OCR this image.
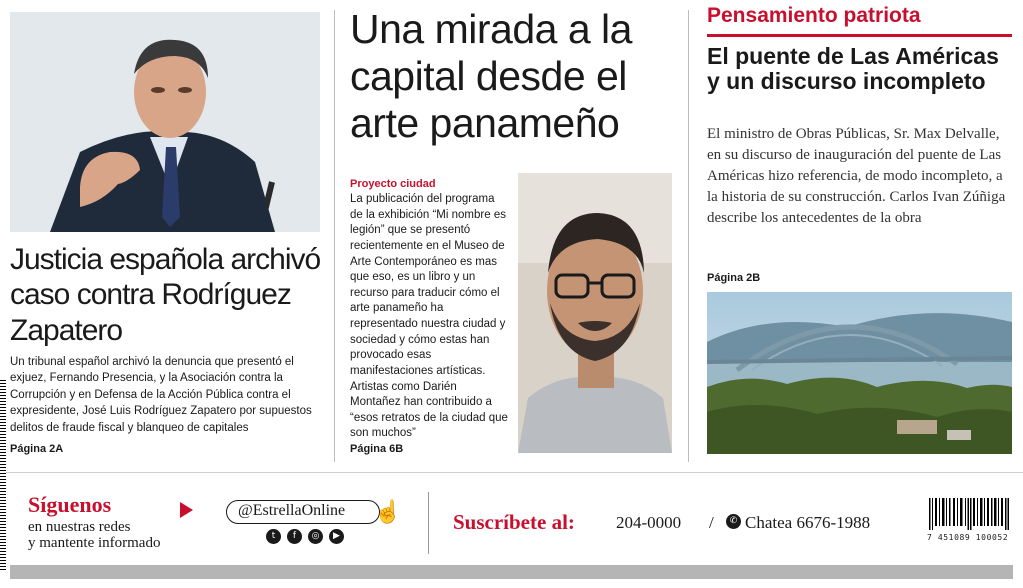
Justicia española archivó caso contra Rodríguez Zapatero
Un tribunal español archivó la denuncia que presentó el exjuez, Fernando Presencia, y la Asociación contra la Corrupción y en Defensa de la Acción Pública contra el expresidente, José Luis Rodríguez Zapatero por supuestos delitos de fraude fiscal y blanqueo de capitales
Página 2A
Una mirada a la capital desde el arte panameño
Proyecto ciudad
La publicación del programa de la exhibición “Mi nombre es legión” que se presentó recientemente en el Museo de Arte Contemporáneo es mas que eso, es un libro y un recurso para traducir cómo el arte panameño ha representado nuestra ciudad y sociedad y cómo estas han provocado esas manifestaciones artísticas. Artistas como Darién Montañez han contribuido a “esos retratos de la ciudad que son muchos”
Página 6B
Pensamiento patriota
El puente de Las Américas y un discurso incompleto
El ministro de Obras Públicas, Sr. Max Delvalle, en su discurso de inauguración del puente de Las Américas hizo referencia, de modo incompleto, a la historia de su construcción. Carlos Ivan Zúñiga describe los antecedentes de la obra
Página 2B
Síguenos
en nuestras redes
y mantente informado
@EstrellaOnline ☝
t	f	◎	▶
Suscríbete al: 204-0000 /	✆ Chatea 6676-1988
7 451089 100052
